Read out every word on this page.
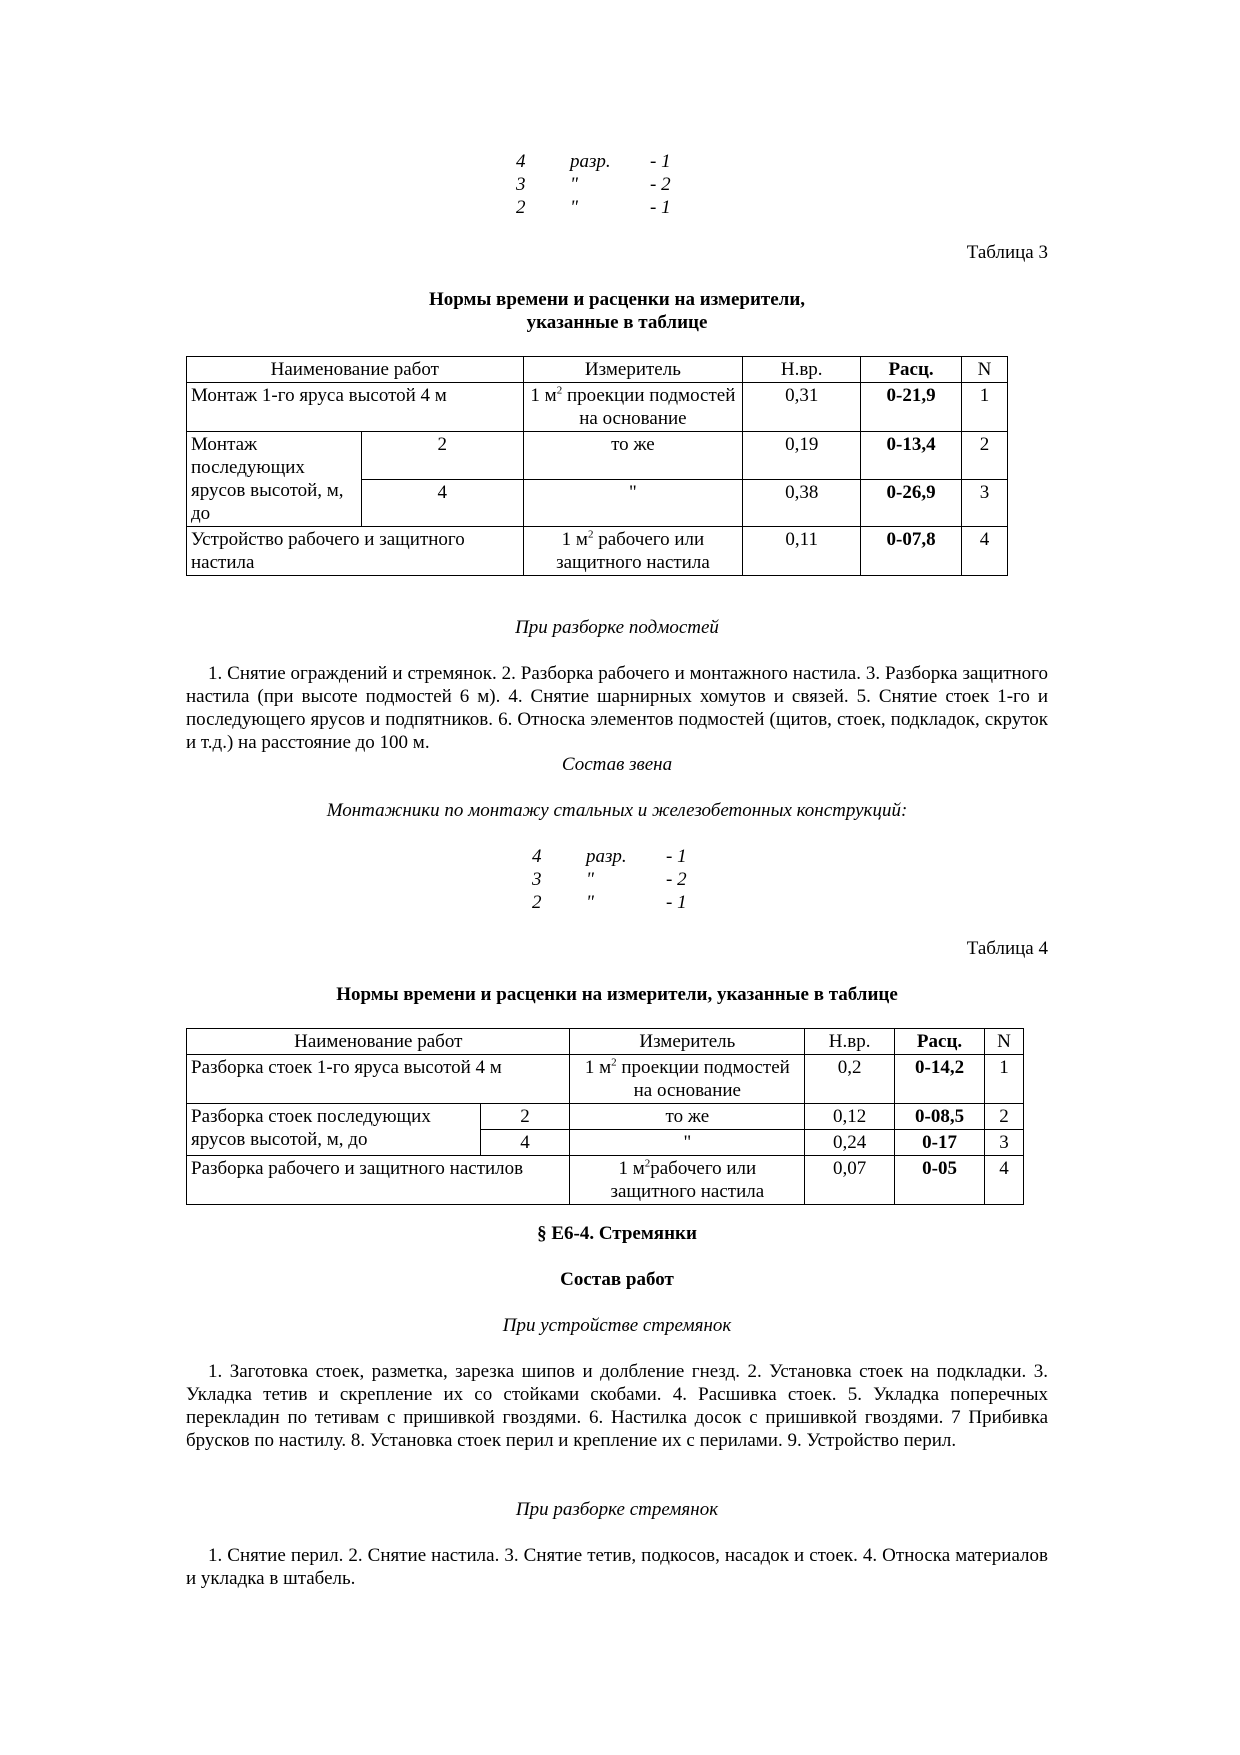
4	разр.	- 1
3	"	- 2
2	"	- 1
Таблица 3
Нормы времени и расценки на измерители,
указанные в таблице
Наименование работ		Измеритель	Н.вр.	Расц.	N
Монтаж 1-го яруса высотой 4 м		1 $м^2$ проекции подмостей на основание	0,31	0-21,9	1
Монтаж последующих ярусов высотой, м, до	2	то же	0,19	0-13,4	2
	4	"	0,38	0-26,9	3
Устройство рабочего и защитного настила		1 $м^2$ рабочего или защитного настила	0,11	0-07,8	4
При разборке подмостей
1. Снятие ограждений и стремянок. 2. Разборка рабочего и монтажного настила. 3. Разборка защитного настила (при высоте подмостей 6 м). 4. Снятие шарнирных хомутов и связей. 5. Снятие стоек 1-го и последующего ярусов и подпятников. 6. Относка элементов подмостей (щитов, стоек, подкладок, скруток и т.д.) на расстояние до 100 м.
Состав звена
Монтажники по монтажу стальных и железобетонных конструкций:
4	разр.	- 1
3	"	- 2
2	"	- 1
Таблица 4
Нормы времени и расценки на измерители, указанные в таблице
Наименование работ		Измеритель	Н.вр.	Расц.	N
Разборка стоек 1-го яруса высотой 4 м		1 $м^2$ проекции подмостей на основание	0,2	0-14,2	1
Разборка стоек последующих ярусов высотой, м, до	2	то же	0,12	0-08,5	2
	4	"	0,24	0-17	3
Разборка рабочего и защитного настилов		1 $м^2рабочего$ или защитного настила	0,07	0-05	4
§ Е6-4. Стремянки
Состав работ
При устройстве стремянок
1. Заготовка стоек, разметка, зарезка шипов и долбление гнезд. 2. Установка стоек на подкладки. 3. Укладка тетив и скрепление их со стойками скобами. 4. Расшивка стоек. 5. Укладка поперечных перекладин по тетивам с пришивкой гвоздями. 6. Настилка досок с пришивкой гвоздями. 7 Прибивка брусков по настилу. 8. Установка стоек перил и крепление их с перилами. 9. Устройство перил.
При разборке стремянок
1. Снятие перил. 2. Снятие настила. 3. Снятие тетив, подкосов, насадок и стоек. 4. Относка материалов и укладка в штабель.
